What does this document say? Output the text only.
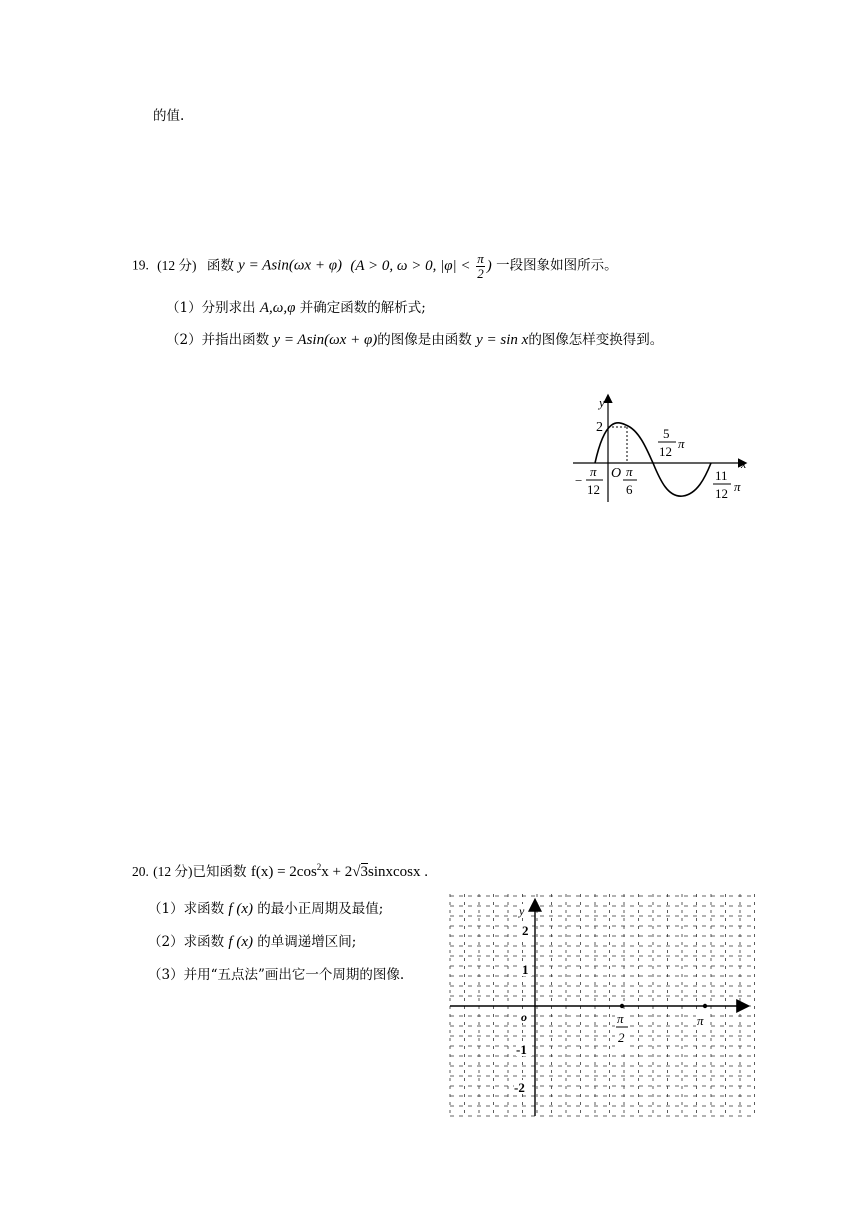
的值.
19. (12 分) 函数 y = Asin(ωx + φ) (A > 0, ω > 0, $|\varphi| < \frac{\pi}{2}$ ) 一段图象如图所示。
（1）分别求出 A,ω,φ 并确定函数的解析式;
（2）并指出函数 y = Asin(ωx + φ)的图像是由函数 y = sin x的图像怎样变换得到。
y
x
2
O
−
π
12
π
6
5
12
π
11
12 π
20. (12 分)已知函数 $f(x) = 2\cos^2x$ + 2√3sinxcosx .
（1）求函数 f (x) 的最小正周期及最值;
（2）求函数 f (x) 的单调递增区间;
（3）并用“五点法”画出它一个周期的图像.
y
2
1
-1
-2
o	π
2
π
